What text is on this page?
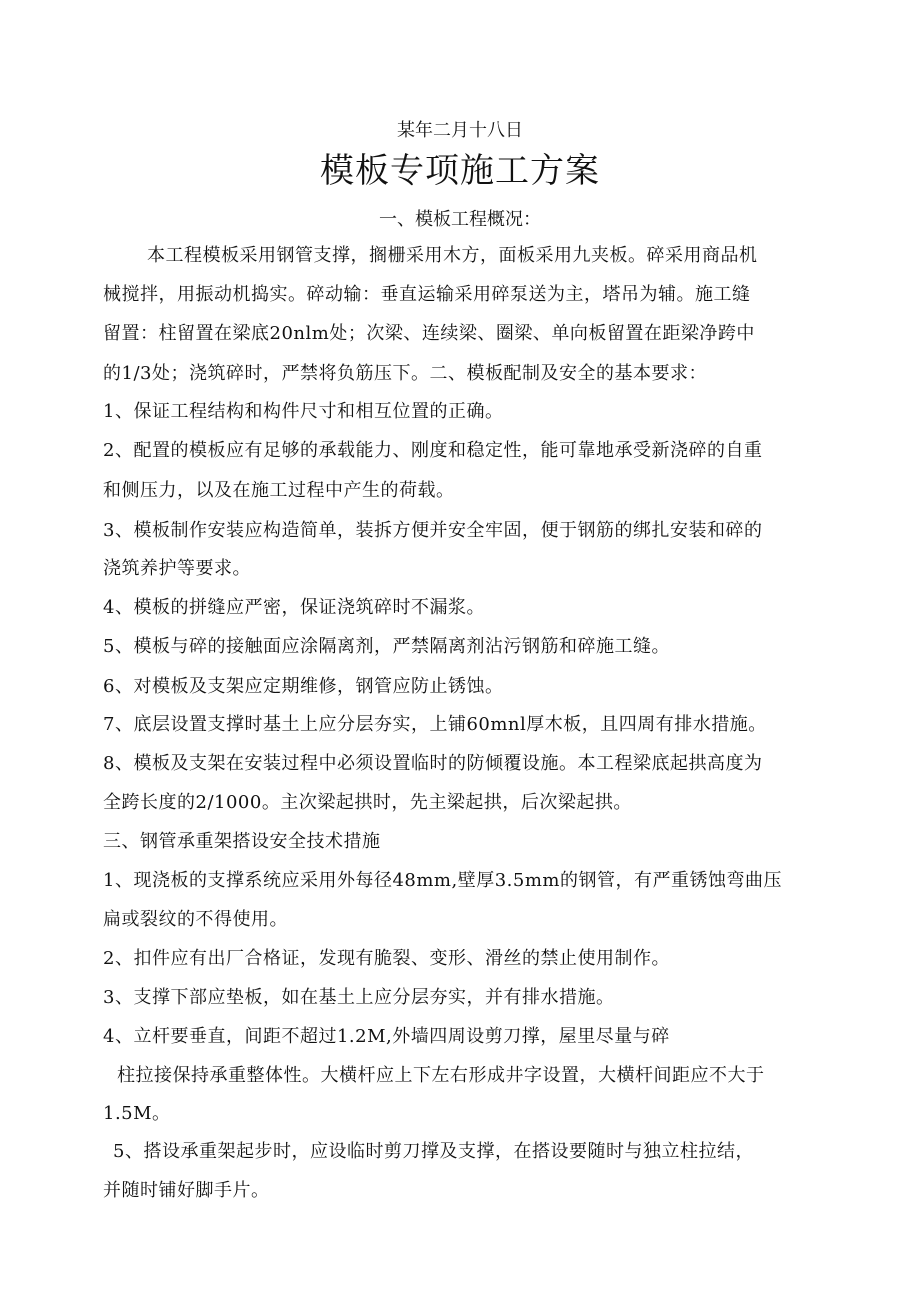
某年二月十八日
模板专项施工方案
一、模板工程概况：
本工程模板采用钢管支撑，搁栅采用木方，面板采用九夹板。碎采用商品机
械搅拌，用振动机捣实。碎动输：垂直运输采用碎泵送为主，塔吊为辅。施工缝
留置：柱留置在梁底20nlm处；次梁、连续梁、圈梁、单向板留置在距梁净跨中
的1/3处；浇筑碎时，严禁将负筋压下。二、模板配制及安全的基本要求：
1、保证工程结构和构件尺寸和相互位置的正确。
2、配置的模板应有足够的承载能力、刚度和稳定性，能可靠地承受新浇碎的自重
和侧压力，以及在施工过程中产生的荷载。
3、模板制作安装应构造简单，装拆方便并安全牢固，便于钢筋的绑扎安装和碎的
浇筑养护等要求。
4、模板的拼缝应严密，保证浇筑碎时不漏浆。
5、模板与碎的接触面应涂隔离剂，严禁隔离剂沾污钢筋和碎施工缝。
6、对模板及支架应定期维修，钢管应防止锈蚀。
7、底层设置支撑时基土上应分层夯实，上铺60mnl厚木板，且四周有排水措施。
8、模板及支架在安装过程中必须设置临时的防倾覆设施。本工程梁底起拱高度为
全跨长度的2/1000。主次梁起拱时，先主梁起拱，后次梁起拱。
三、钢管承重架搭设安全技术措施
1、现浇板的支撑系统应采用外每径48mm,壁厚3.5mm的钢管，有严重锈蚀弯曲压
扁或裂纹的不得使用。
2、扣件应有出厂合格证，发现有脆裂、变形、滑丝的禁止使用制作。
3、支撑下部应垫板，如在基土上应分层夯实，并有排水措施。
4、立杆要垂直，间距不超过1.2M,外墙四周设剪刀撑，屋里尽量与碎
柱拉接保持承重整体性。大横杆应上下左右形成井字设置，大横杆间距应不大于
1.5M。
5、搭设承重架起步时，应设临时剪刀撑及支撑，在搭设要随时与独立柱拉结，
并随时铺好脚手片。
